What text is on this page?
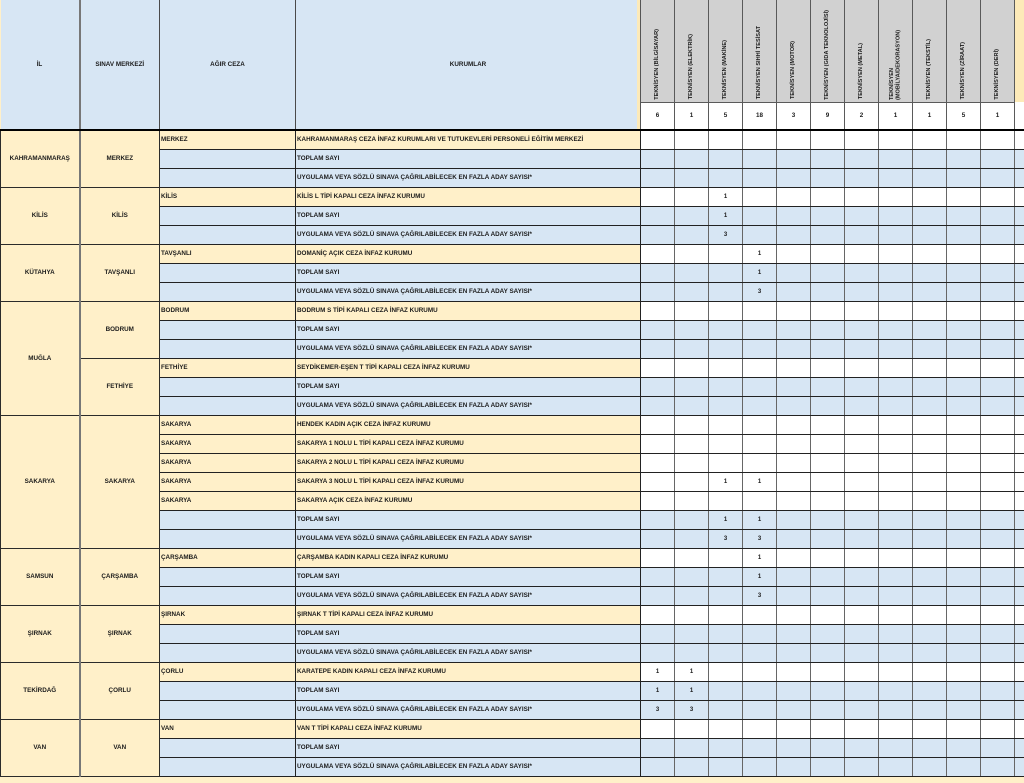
İL	SINAV MERKEZİ	AĞIR CEZA	KURUMLAR	TEKNİSYEN (BİLGİSAYAR)	TEKNİSYEN (ELEKTRİK)	TEKNİSYEN (MAKİNE)	TEKNİSYEN SIHHİ TESİSAT	TEKNİSYEN (MOTOR)	TEKNİSYEN (GIDA TEKNOLOJİSİ)	TEKNİSYEN (METAL)	TEKNİSYEN (MOBİLYA/DEKORASYON)	TEKNİSYEN (TEKSTİL)	TEKNİSYEN (ZİRAAT)	TEKNİSYEN (DERİ)	

				6	1	5	18	3	9	2	1	1	5	1	
KAHRAMANMARAŞ	MERKEZ	MERKEZ	KAHRAMANMARAŞ CEZA İNFAZ KURUMLARI VE TUTUKEVLERİ PERSONELİ EĞİTİM MERKEZİ												
			TOPLAM SAYI												
			UYGULAMA VEYA SÖZLÜ SINAVA ÇAĞRILABİLECEK EN FAZLA ADAY SAYISI*												
KİLİS	KİLİS	KİLİS	KİLİS L TİPİ KAPALI CEZA İNFAZ KURUMU			1									
			TOPLAM SAYI			1									
			UYGULAMA VEYA SÖZLÜ SINAVA ÇAĞRILABİLECEK EN FAZLA ADAY SAYISI*			3									
KÜTAHYA	TAVŞANLI	TAVŞANLI	DOMANİÇ AÇIK CEZA İNFAZ KURUMU				1								
			TOPLAM SAYI				1								
			UYGULAMA VEYA SÖZLÜ SINAVA ÇAĞRILABİLECEK EN FAZLA ADAY SAYISI*				3								
MUĞLA	BODRUM	BODRUM	BODRUM S TİPİ KAPALI CEZA İNFAZ KURUMU												
			TOPLAM SAYI												
			UYGULAMA VEYA SÖZLÜ SINAVA ÇAĞRILABİLECEK EN FAZLA ADAY SAYISI*												
	FETHİYE	FETHİYE	SEYDİKEMER-EŞEN T TİPİ KAPALI CEZA İNFAZ KURUMU												
			TOPLAM SAYI												
			UYGULAMA VEYA SÖZLÜ SINAVA ÇAĞRILABİLECEK EN FAZLA ADAY SAYISI*												
SAKARYA	SAKARYA	SAKARYA	HENDEK KADIN AÇIK CEZA İNFAZ KURUMU												
		SAKARYA	SAKARYA 1 NOLU L TİPİ KAPALI CEZA İNFAZ KURUMU												
		SAKARYA	SAKARYA 2 NOLU L TİPİ KAPALI CEZA İNFAZ KURUMU												
		SAKARYA	SAKARYA 3 NOLU L TİPİ KAPALI CEZA İNFAZ KURUMU			1	1								
		SAKARYA	SAKARYA AÇIK CEZA İNFAZ KURUMU												
			TOPLAM SAYI			1	1								
			UYGULAMA VEYA SÖZLÜ SINAVA ÇAĞRILABİLECEK EN FAZLA ADAY SAYISI*			3	3								
SAMSUN	ÇARŞAMBA	ÇARŞAMBA	ÇARŞAMBA KADIN KAPALI CEZA İNFAZ KURUMU				1								
			TOPLAM SAYI				1								
			UYGULAMA VEYA SÖZLÜ SINAVA ÇAĞRILABİLECEK EN FAZLA ADAY SAYISI*				3								
ŞIRNAK	ŞIRNAK	ŞIRNAK	ŞIRNAK T TİPİ KAPALI CEZA İNFAZ KURUMU												
			TOPLAM SAYI												
			UYGULAMA VEYA SÖZLÜ SINAVA ÇAĞRILABİLECEK EN FAZLA ADAY SAYISI*												
TEKİRDAĞ	ÇORLU	ÇORLU	KARATEPE KADIN KAPALI CEZA İNFAZ KURUMU	1	1										
			TOPLAM SAYI	1	1										
			UYGULAMA VEYA SÖZLÜ SINAVA ÇAĞRILABİLECEK EN FAZLA ADAY SAYISI*	3	3										
VAN	VAN	VAN	VAN T TİPİ KAPALI CEZA İNFAZ KURUMU												
			TOPLAM SAYI												
			UYGULAMA VEYA SÖZLÜ SINAVA ÇAĞRILABİLECEK EN FAZLA ADAY SAYISI*												
